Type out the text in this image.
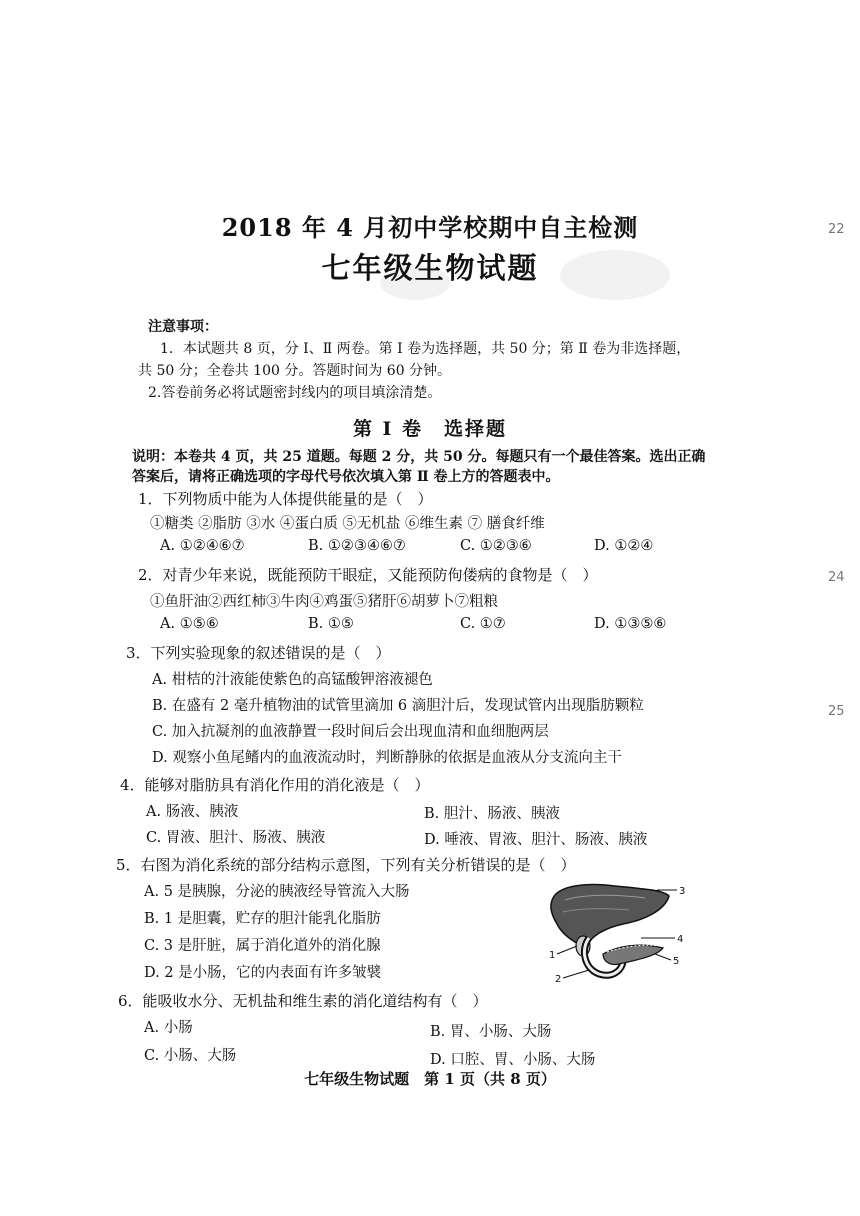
22
24
25
2018 年 4 月初中学校期中自主检测
七年级生物试题
注意事项：
1．本试题共 8 页，分 Ⅰ、Ⅱ 两卷。第 Ⅰ 卷为选择题，共 50 分；第 Ⅱ 卷为非选择题，
共 50 分；全卷共 100 分。答题时间为 60 分钟。
2.答卷前务必将试题密封线内的项目填涂清楚。
第 Ⅰ 卷　选择题
说明：本卷共 4 页，共 25 道题。每题 2 分，共 50 分。每题只有一个最佳答案。选出正确
答案后，请将正确选项的字母代号依次填入第 Ⅱ 卷上方的答题表中。
1．下列物质中能为人体提供能量的是（　）
①糖类 ②脂肪 ③水 ④蛋白质 ⑤无机盐 ⑥维生素 ⑦ 膳食纤维
A. ①②④⑥⑦	B. ①②③④⑥⑦	C. ①②③⑥	D. ①②④
2．对青少年来说，既能预防干眼症，又能预防佝偻病的食物是（　）
①鱼肝油②西红柿③牛肉④鸡蛋⑤猪肝⑥胡萝卜⑦粗粮
A. ①⑤⑥	B. ①⑤	C. ①⑦	D. ①③⑤⑥
3．下列实验现象的叙述错误的是（　）
A. 柑桔的汁液能使紫色的高锰酸钾溶液褪色
B. 在盛有 2 毫升植物油的试管里滴加 6 滴胆汁后，发现试管内出现脂肪颗粒
C. 加入抗凝剂的血液静置一段时间后会出现血清和血细胞两层
D. 观察小鱼尾鳍内的血液流动时，判断静脉的依据是血液从分支流向主干
4．能够对脂肪具有消化作用的消化液是（　）
A. 肠液、胰液	B. 胆汁、肠液、胰液
C. 胃液、胆汁、肠液、胰液	D. 唾液、胃液、胆汁、肠液、胰液
5．右图为消化系统的部分结构示意图，下列有关分析错误的是（　）
A. 5 是胰腺，分泌的胰液经导管流入大肠
B. 1 是胆囊，贮存的胆汁能乳化脂肪
C. 3 是肝脏，属于消化道外的消化腺
D. 2 是小肠，它的内表面有许多皱襞
3
4
5
1
2
6．能吸收水分、无机盐和维生素的消化道结构有（　）
A. 小肠	B. 胃、小肠、大肠
C. 小肠、大肠	D. 口腔、胃、小肠、大肠
七年级生物试题　第 1 页（共 8 页）
